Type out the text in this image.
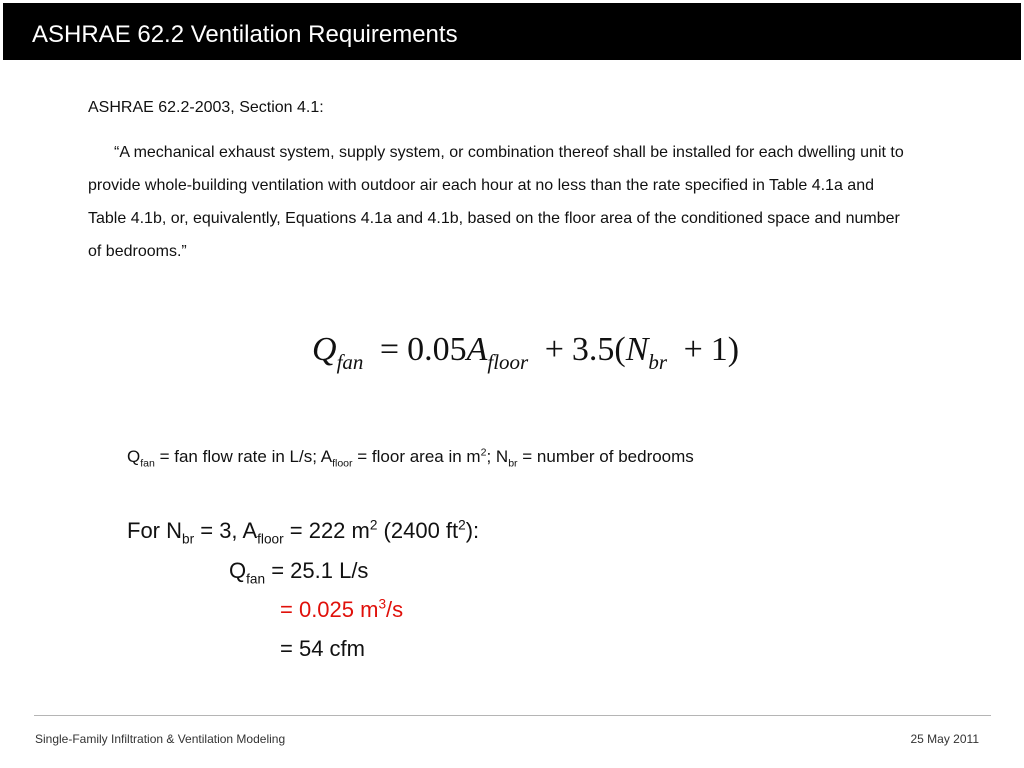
ASHRAE 62.2 Ventilation Requirements
ASHRAE 62.2-2003, Section 4.1:

“A mechanical exhaust system, supply system, or combination thereof shall be installed for each dwelling unit to provide whole-building ventilation with outdoor air each hour at no less than the rate specified in Table 4.1a and Table 4.1b, or, equivalently, Equations 4.1a and 4.1b, based on the floor area of the conditioned space and number of bedrooms.”

$Q_{fan} = 0.05A_{floor} + 3.5(N_{br} + 1)$
$Q_{fan}$ = fan flow rate in L/s; $A_{floor}$ = floor area in $m^2$; $N_{br}$ = number of bedrooms
For $N_{br} = 3$, $A_{floor} = 222$ $m^2$ (2400 $ft^2$):
$Q_{fan} = 25.1$ L/s
= 0.025 $m^3/s$
= 54 cfm
Single-Family Infiltration & Ventilation Modeling	25 May 2011
